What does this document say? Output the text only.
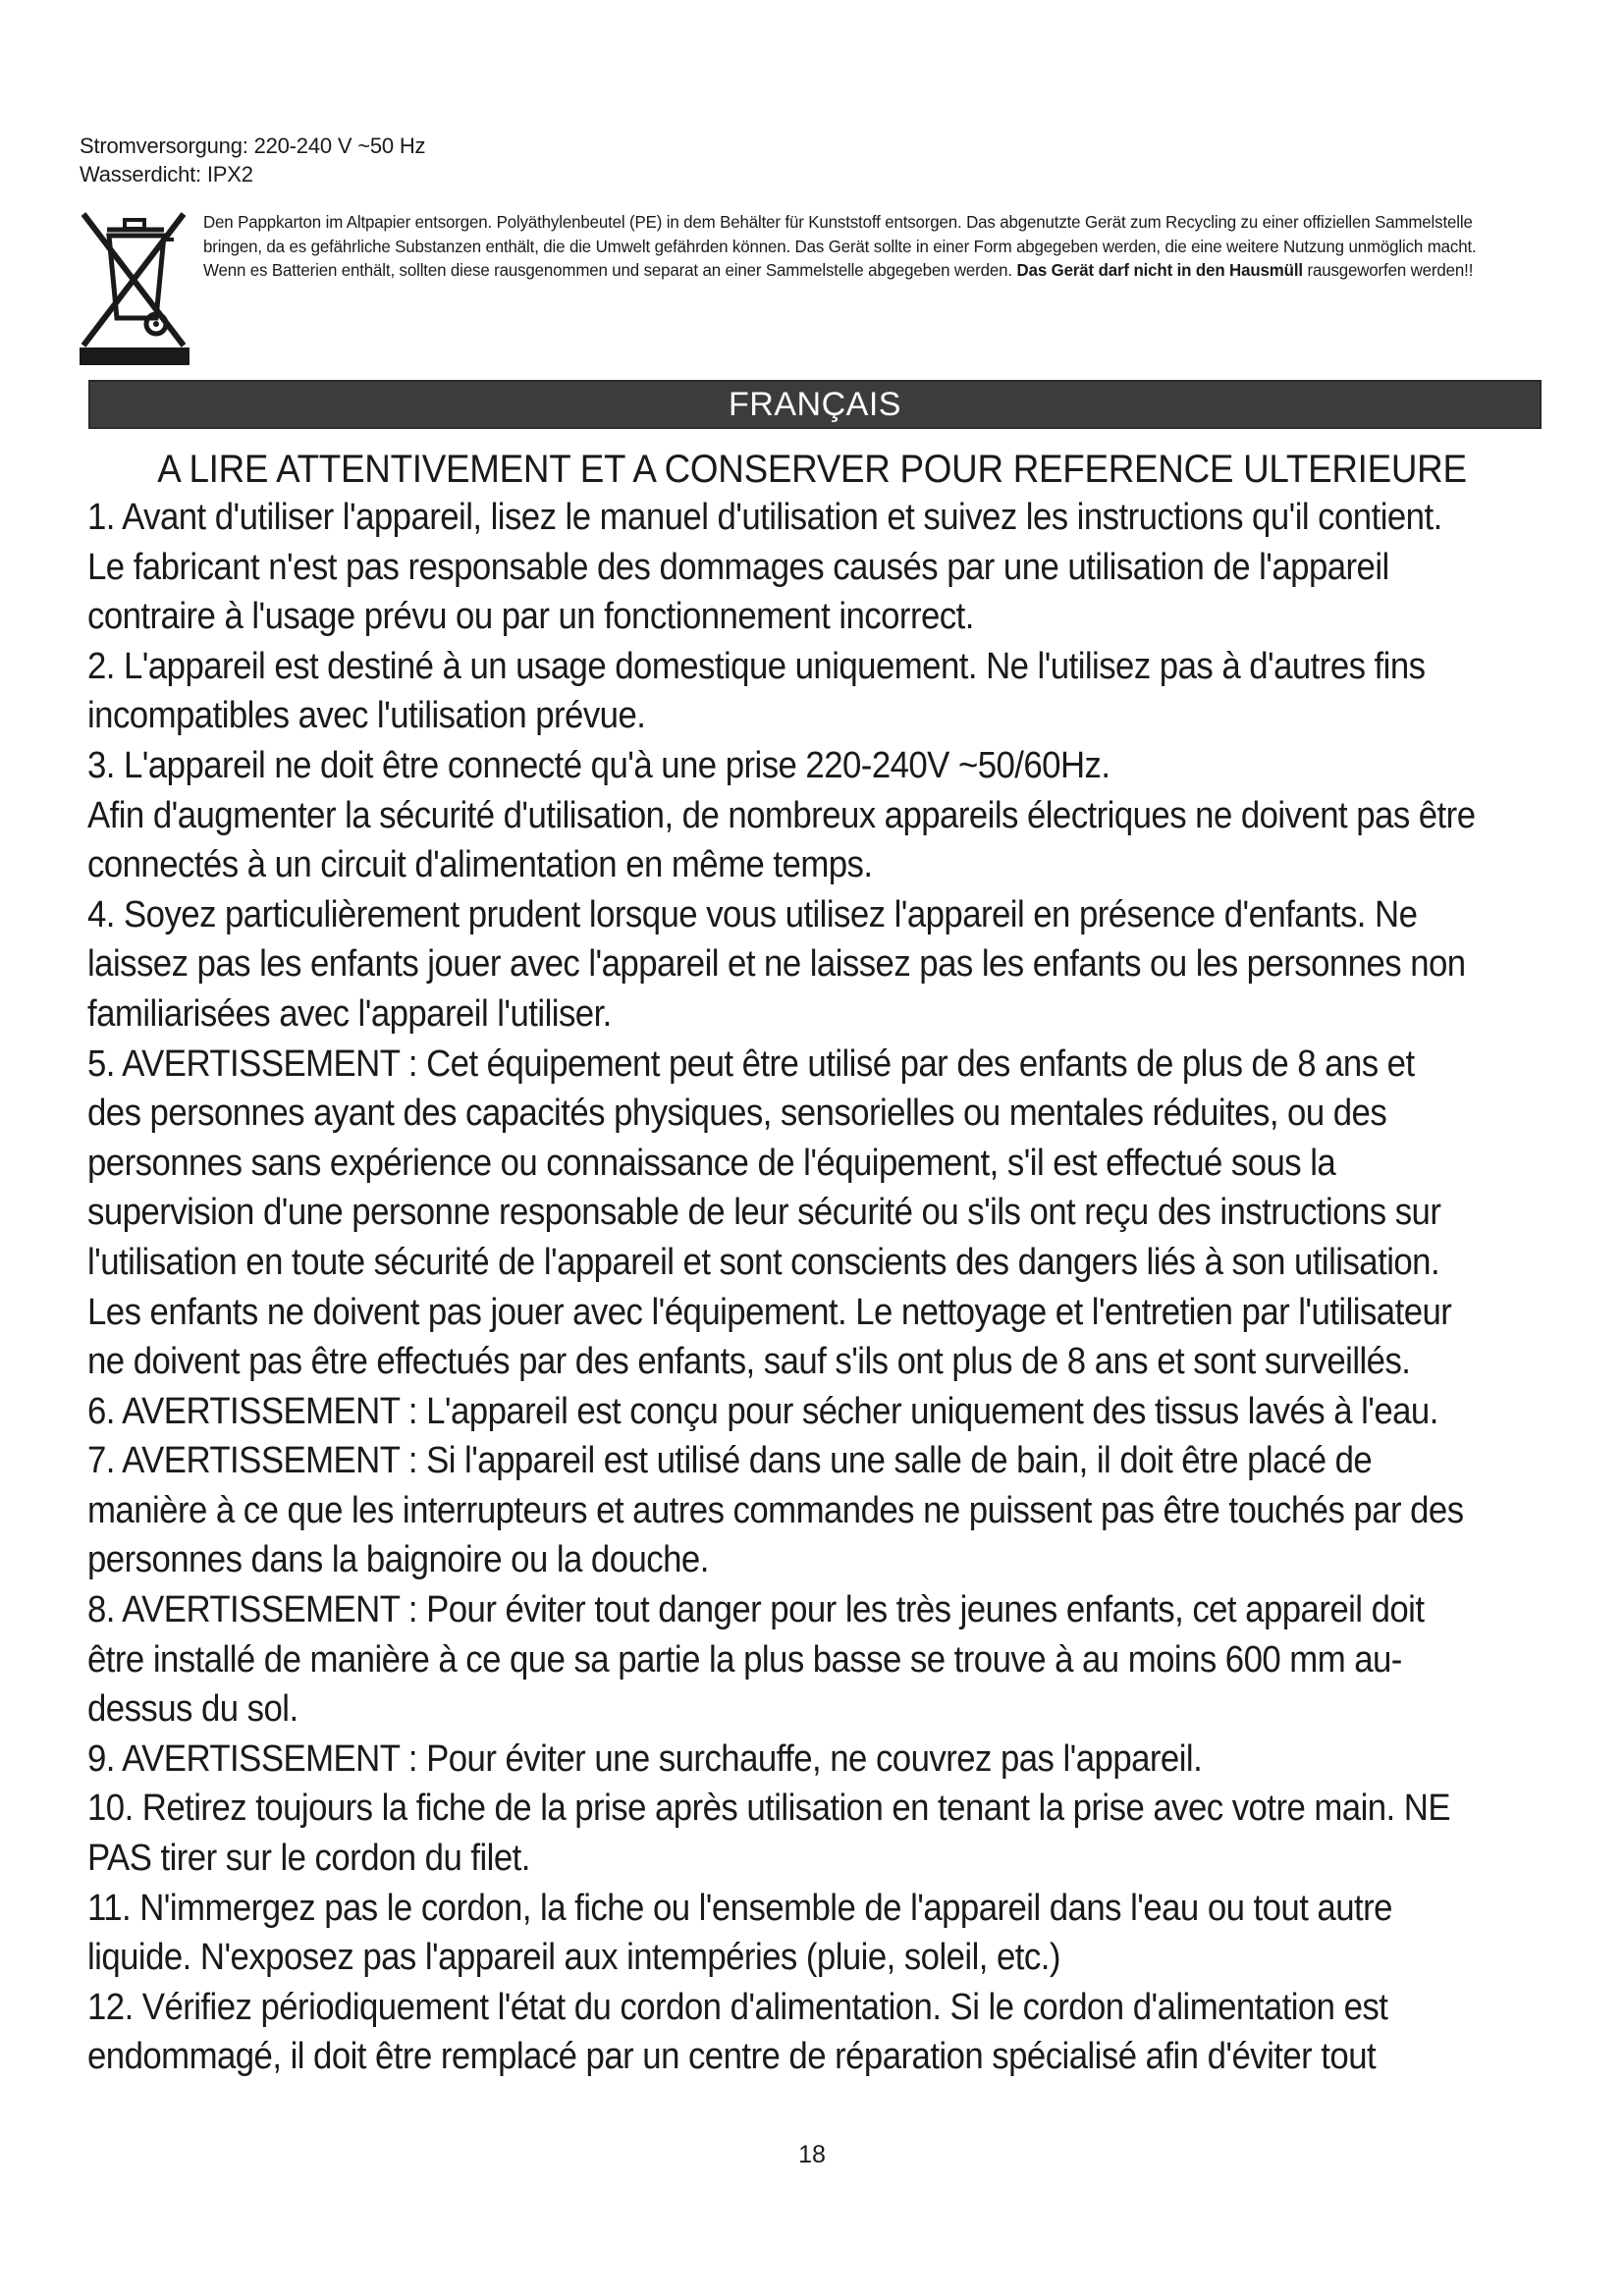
Stromversorgung: 220-240 V ~50 Hz
Wasserdicht: IPX2
Den Pappkarton im Altpapier entsorgen. Polyäthylenbeutel (PE) in dem Behälter für Kunststoff entsorgen. Das abgenutzte Gerät zum Recycling zu einer offiziellen Sammelstelle bringen, da es gefährliche Substanzen enthält, die die Umwelt gefährden können. Das Gerät sollte in einer Form abgegeben werden, die eine weitere Nutzung unmöglich macht. Wenn es Batterien enthält, sollten diese rausgenommen und separat an einer Sammelstelle abgegeben werden. Das Gerät darf nicht in den Hausmüll rausgeworfen werden!!
FRANÇAIS
A LIRE ATTENTIVEMENT ET A CONSERVER POUR REFERENCE ULTERIEURE

1. Avant d'utiliser l'appareil, lisez le manuel d'utilisation et suivez les instructions qu'il contient. Le fabricant n'est pas responsable des dommages causés par une utilisation de l'appareil contraire à l'usage prévu ou par un fonctionnement incorrect.

2. L'appareil est destiné à un usage domestique uniquement. Ne l'utilisez pas à d'autres fins incompatibles avec l'utilisation prévue.

3. L'appareil ne doit être connecté qu'à une prise 220-240V ~50/60Hz.

Afin d'augmenter la sécurité d'utilisation, de nombreux appareils électriques ne doivent pas être connectés à un circuit d'alimentation en même temps.

4. Soyez particulièrement prudent lorsque vous utilisez l'appareil en présence d'enfants. Ne laissez pas les enfants jouer avec l'appareil et ne laissez pas les enfants ou les personnes non familiarisées avec l'appareil l'utiliser.

5. AVERTISSEMENT : Cet équipement peut être utilisé par des enfants de plus de 8 ans et des personnes ayant des capacités physiques, sensorielles ou mentales réduites, ou des personnes sans expérience ou connaissance de l'équipement, s'il est effectué sous la supervision d'une personne responsable de leur sécurité ou s'ils ont reçu des instructions sur l'utilisation en toute sécurité de l'appareil et sont conscients des dangers liés à son utilisation. Les enfants ne doivent pas jouer avec l'équipement. Le nettoyage et l'entretien par l'utilisateur ne doivent pas être effectués par des enfants, sauf s'ils ont plus de 8 ans et sont surveillés.

6. AVERTISSEMENT : L'appareil est conçu pour sécher uniquement des tissus lavés à l'eau.

7. AVERTISSEMENT : Si l'appareil est utilisé dans une salle de bain, il doit être placé de manière à ce que les interrupteurs et autres commandes ne puissent pas être touchés par des personnes dans la baignoire ou la douche.

8. AVERTISSEMENT : Pour éviter tout danger pour les très jeunes enfants, cet appareil doit être installé de manière à ce que sa partie la plus basse se trouve à au moins 600 mm au-dessus du sol.

9. AVERTISSEMENT : Pour éviter une surchauffe, ne couvrez pas l'appareil.

10. Retirez toujours la fiche de la prise après utilisation en tenant la prise avec votre main. NE PAS tirer sur le cordon du filet.

11. N'immergez pas le cordon, la fiche ou l'ensemble de l'appareil dans l'eau ou tout autre liquide. N'exposez pas l'appareil aux intempéries (pluie, soleil, etc.)

12. Vérifiez périodiquement l'état du cordon d'alimentation. Si le cordon d'alimentation est endommagé, il doit être remplacé par un centre de réparation spécialisé afin d'éviter tout

18
